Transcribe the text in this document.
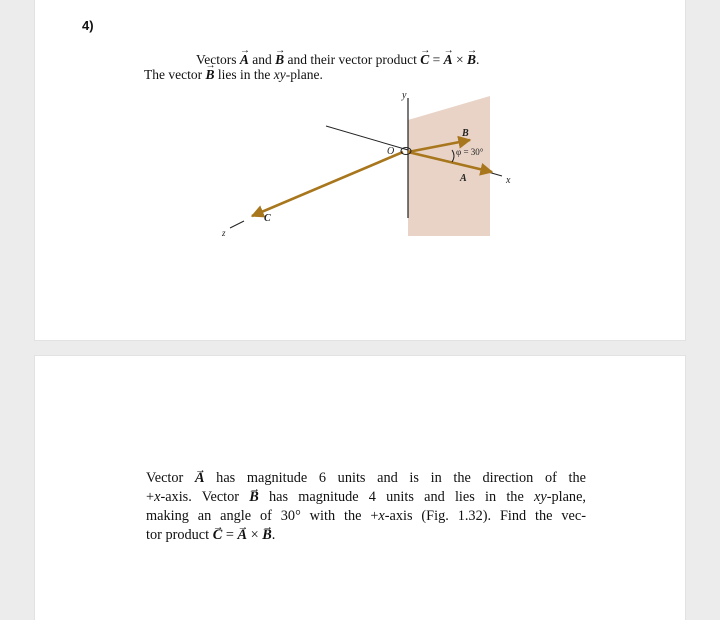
4)
Vectors → A and → B and their vector product → C = → A × → B.
The vector → B lies in the xy-plane.
y
O
B
φ = 30°
A	x
C
z
Vector → A has magnitude 6 units and is in the direction of the
+x-axis. Vector → B has magnitude 4 units and lies in the xy-plane,
making an angle of 30° with the +x-axis (Fig. 1.32). Find the vec-
tor product → C = → A × → B.
